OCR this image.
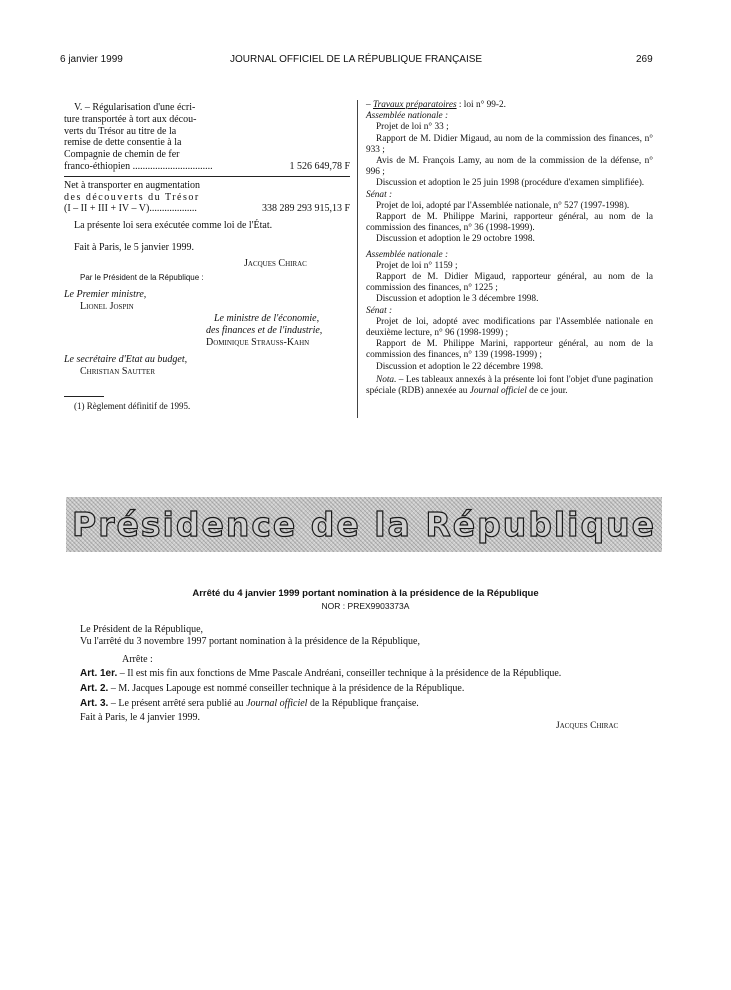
6 janvier 1999	JOURNAL OFFICIEL DE LA RÉPUBLIQUE FRANÇAISE	269

V. – Régularisation d'une écri-

ture transportée à tort aux décou-

verts du Trésor au titre de la

remise de dette consentie à la

Compagnie de chemin de fer

franco-éthiopien ................................	1 526 649,78 F

Net à transporter en augmentation

des découverts du Trésor

(I – II + III + IV – V)...................	338 289 293 915,13 F

La présente loi sera exécutée comme loi de l'État.

Fait à Paris, le 5 janvier 1999.

Jacques Chirac

Par le Président de la République :

Le Premier ministre,

Lionel Jospin

Le ministre de l'économie,

des finances et de l'industrie,

Dominique Strauss-Kahn

Le secrétaire d'Etat au budget,

Christian Sautter

(1) Règlement définitif de 1995.

– Travaux préparatoires : loi n° 99-2.

Assemblée nationale :

Projet de loi n° 33 ;

Rapport de M. Didier Migaud, au nom de la commission des finances, n° 933 ;

Avis de M. François Lamy, au nom de la commission de la défense, n° 996 ;

Discussion et adoption le 25 juin 1998 (procédure d'examen simplifiée).

Sénat :

Projet de loi, adopté par l'Assemblée nationale, n° 527 (1997-1998).

Rapport de M. Philippe Marini, rapporteur général, au nom de la commission des finances, n° 36 (1998-1999).

Discussion et adoption le 29 octobre 1998.

Assemblée nationale :

Projet de loi n° 1159 ;

Rapport de M. Didier Migaud, rapporteur général, au nom de la commission des finances, n° 1225 ;

Discussion et adoption le 3 décembre 1998.

Sénat :

Projet de loi, adopté avec modifications par l'Assemblée nationale en deuxième lecture, n° 96 (1998-1999) ;

Rapport de M. Philippe Marini, rapporteur général, au nom de la commission des finances, n° 139 (1998-1999) ;

Discussion et adoption le 22 décembre 1998.

Nota. – Les tableaux annexés à la présente loi font l'objet d'une pagination spéciale (RDB) annexée au Journal officiel de ce jour.

Présidence de la République
Arrêté du 4 janvier 1999 portant nomination à la présidence de la République
NOR : PREX9903373A

Le Président de la République,

Vu l'arrêté du 3 novembre 1997 portant nomination à la présidence de la République,

Arrête :

Art. 1er. – Il est mis fin aux fonctions de Mme Pascale Andréani, conseiller technique à la présidence de la République.

Art. 2. – M. Jacques Lapouge est nommé conseiller technique à la présidence de la République.

Art. 3. – Le présent arrêté sera publié au Journal officiel de la République française.

Fait à Paris, le 4 janvier 1999.

Jacques Chirac
